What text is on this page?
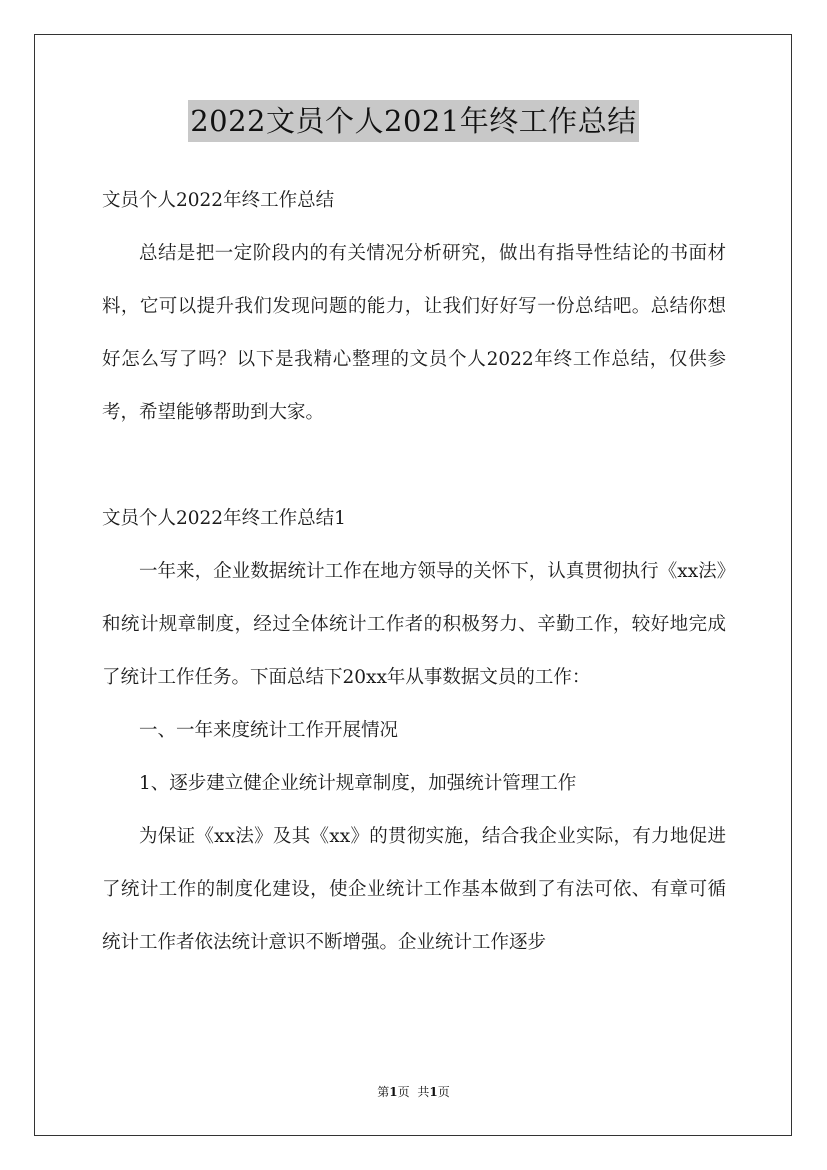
2022文员个人2021年终工作总结

文员个人2022年终工作总结

总结是把一定阶段内的有关情况分析研究，做出有指导性结论的书面材料，它可以提升我们发现问题的能力，让我们好好写一份总结吧。总结你想好怎么写了吗？以下是我精心整理的文员个人2022年终工作总结，仅供参考，希望能够帮助到大家。

文员个人2022年终工作总结1

一年来，企业数据统计工作在地方领导的关怀下，认真贯彻执行《xx法》和统计规章制度，经过全体统计工作者的积极努力、辛勤工作，较好地完成了统计工作任务。下面总结下20xx年从事数据文员的工作：

一、一年来度统计工作开展情况

1、逐步建立健企业统计规章制度，加强统计管理工作

为保证《xx法》及其《xx》的贯彻实施，结合我企业实际，有力地促进了统计工作的制度化建设，使企业统计工作基本做到了有法可依、有章可循统计工作者依法统计意识不断增强。企业统计工作逐步

第1页 共1页
